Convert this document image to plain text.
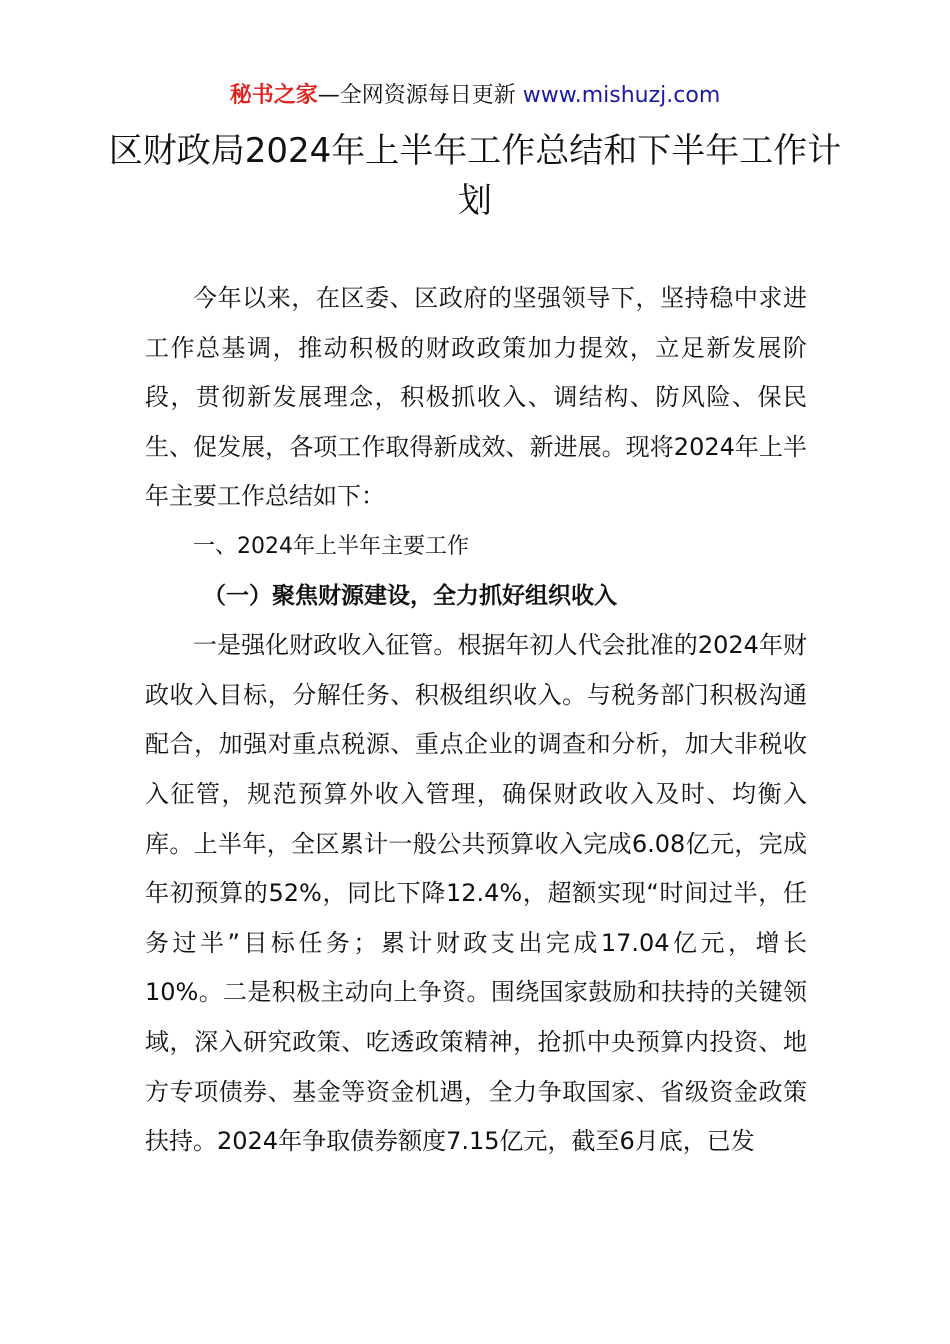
秘书之家—全网资源每日更新 www.mishuzj.com
区财政局2024年上半年工作总结和下半年工作计划

今年以来，在区委、区政府的坚强领导下，坚持稳中求进工作总基调，推动积极的财政政策加力提效，立足新发展阶段，贯彻新发展理念，积极抓收入、调结构、防风险、保民生、促发展，各项工作取得新成效、新进展。现将2024年上半年主要工作总结如下：

一、2024年上半年主要工作

（一）聚焦财源建设，全力抓好组织收入

一是强化财政收入征管。根据年初人代会批准的2024年财政收入目标，分解任务、积极组织收入。与税务部门积极沟通配合，加强对重点税源、重点企业的调查和分析，加大非税收入征管，规范预算外收入管理，确保财政收入及时、均衡入库。上半年，全区累计一般公共预算收入完成6.08亿元，完成年初预算的52%，同比下降12.4%，超额实现“时间过半，任务过半”目标任务；累计财政支出完成17.04亿元，增长10%。二是积极主动向上争资。围绕国家鼓励和扶持的关键领域，深入研究政策、吃透政策精神，抢抓中央预算内投资、地方专项债券、基金等资金机遇，全力争取国家、省级资金政策扶持。2024年争取债券额度7.15亿元，截至6月底，已发
